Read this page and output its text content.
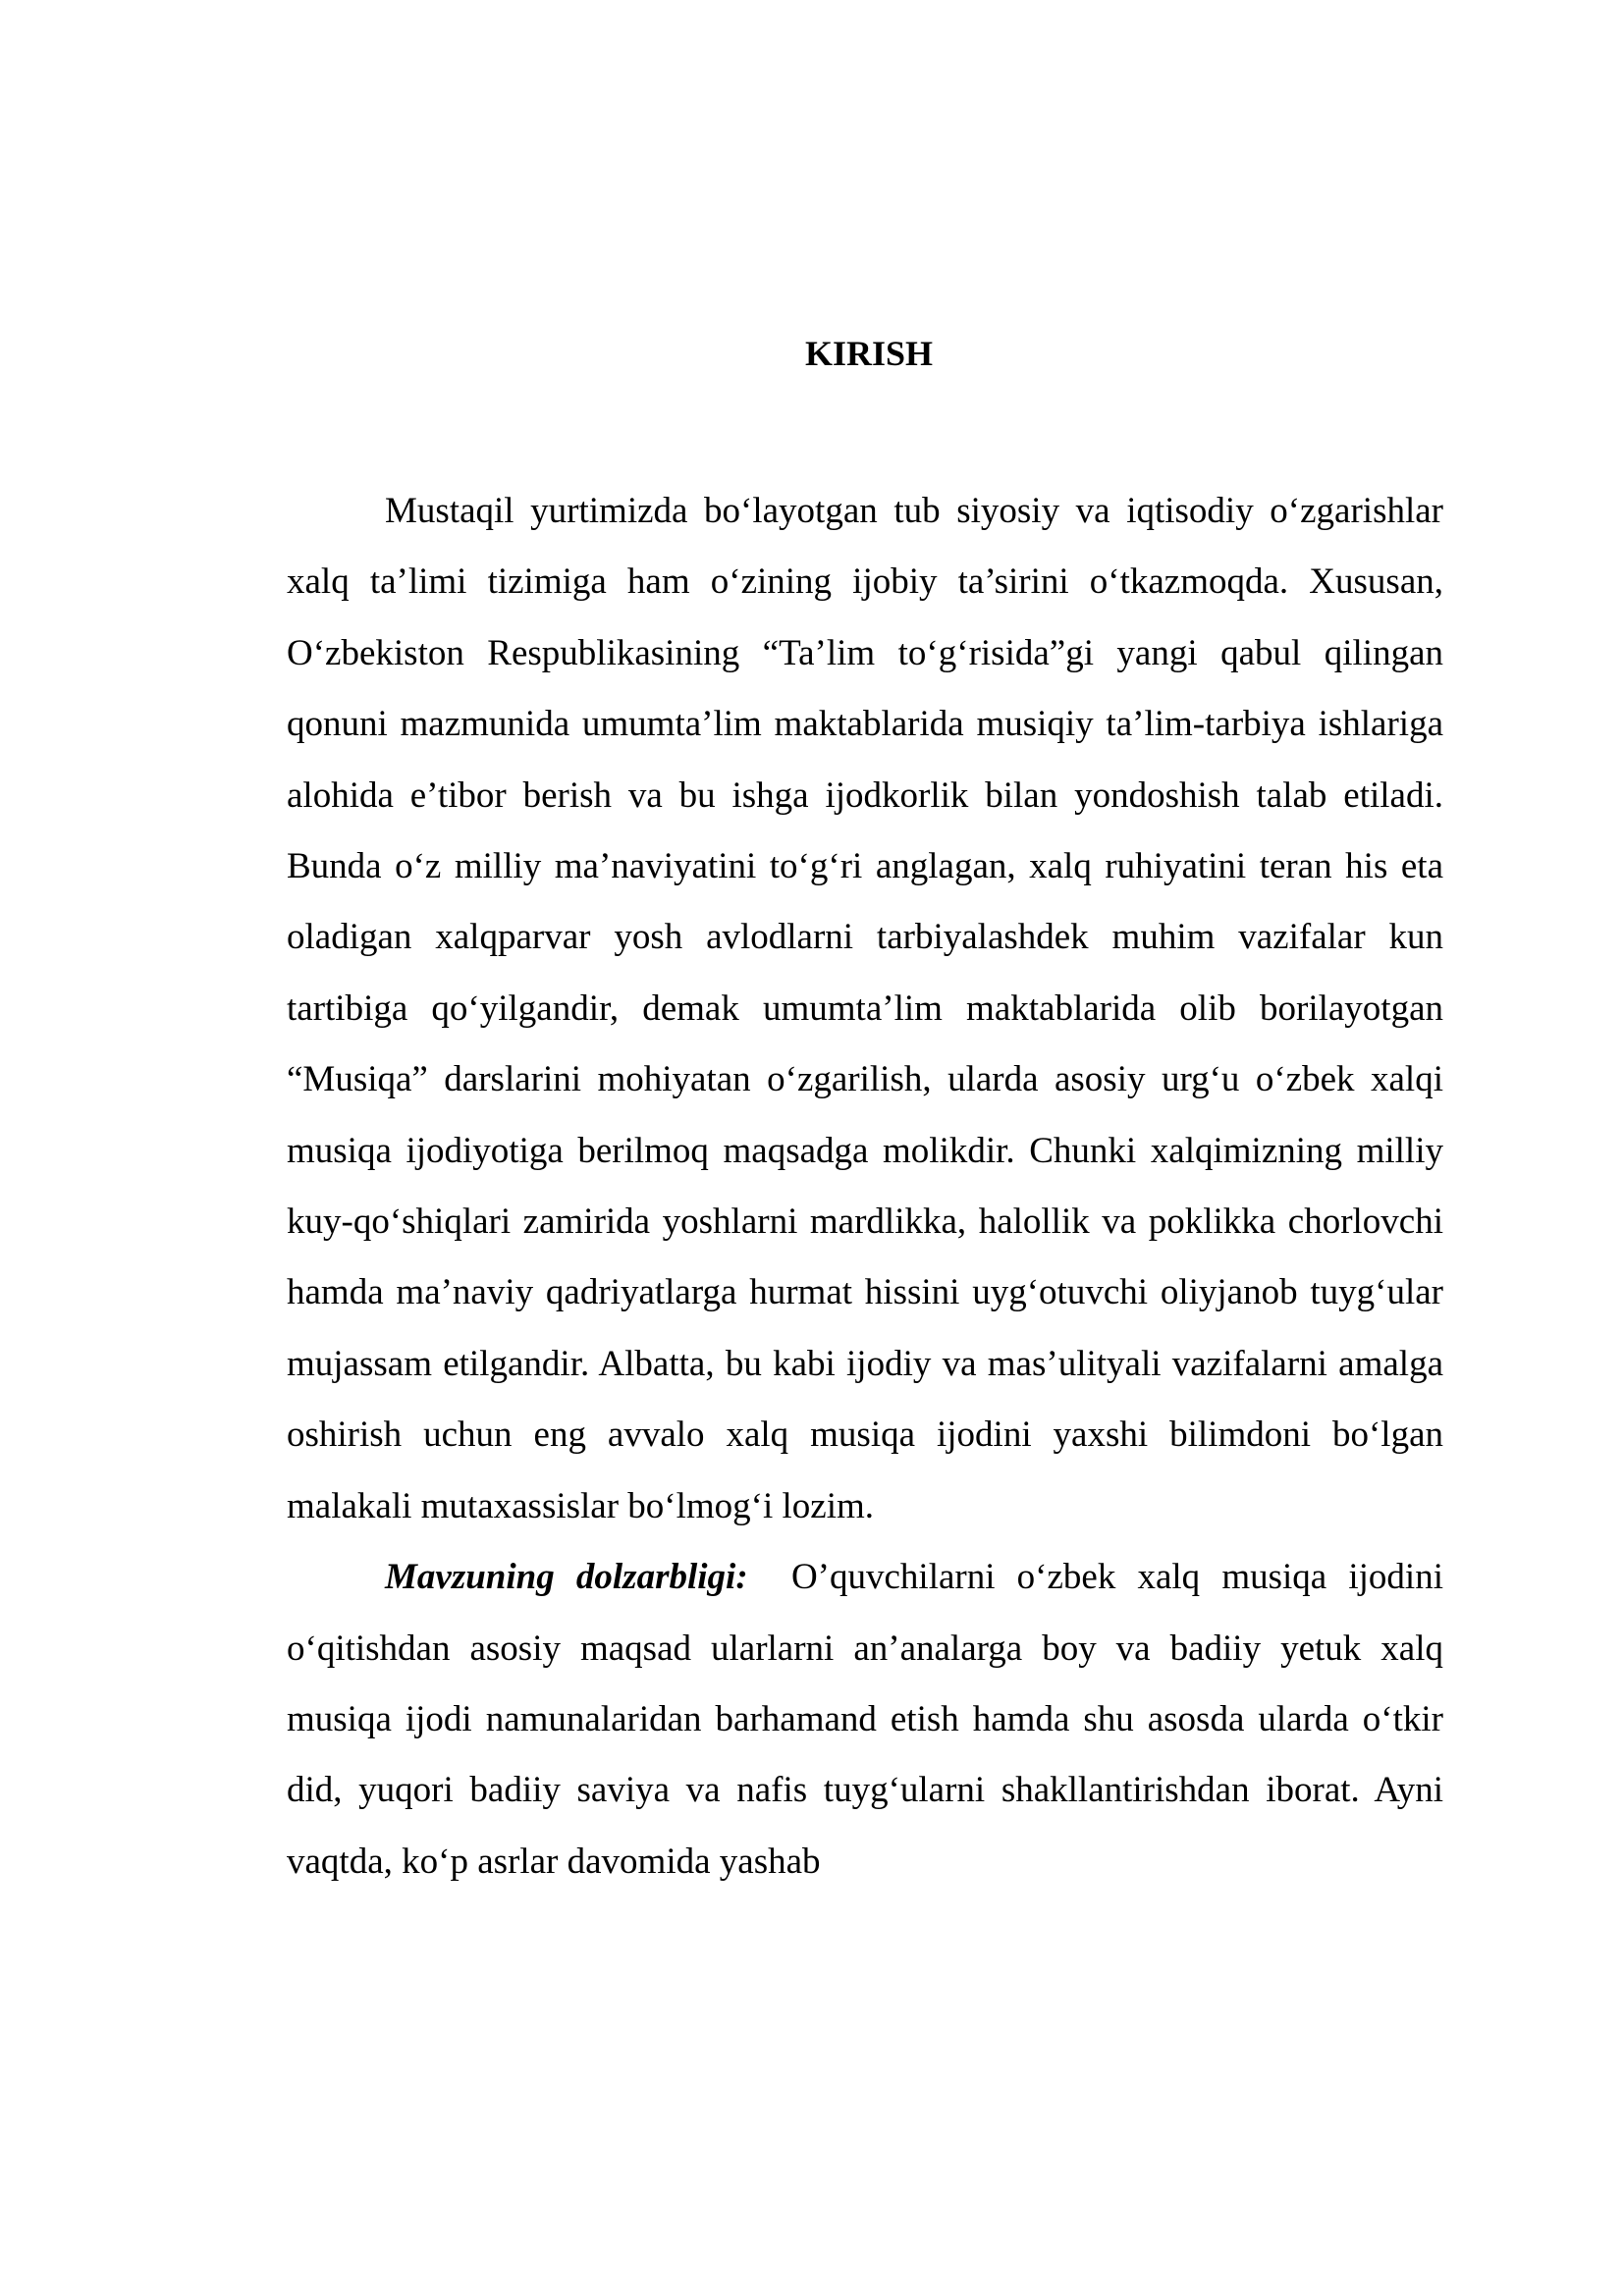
KIRISH

Mustaqil yurtimizda bo‘layotgan tub siyosiy va iqtisodiy o‘zgarishlar xalq ta’limi tizimiga ham o‘zining ijobiy ta’sirini o‘tkazmoqda. Xususan, O‘zbekiston Respublikasining “Ta’lim to‘g‘risida”gi yangi qabul qilingan qonuni mazmunida umumta’lim maktablarida musiqiy ta’lim-tarbiya ishlariga alohida e’tibor berish va bu ishga ijodkorlik bilan yondoshish talab etiladi. Bunda o‘z milliy ma’naviyatini to‘g‘ri anglagan, xalq ruhiyatini teran his eta oladigan xalqparvar yosh avlodlarni tarbiyalashdek muhim vazifalar kun tartibiga qo‘yilgandir, demak umumta’lim maktablarida olib borilayotgan “Musiqa” darslarini mohiyatan o‘zgarilish, ularda asosiy urg‘u o‘zbek xalqi musiqa ijodiyotiga berilmoq maqsadga molikdir. Chunki xalqimizning milliy kuy-qo‘shiqlari zamirida yoshlarni mardlikka, halollik va poklikka chorlovchi hamda ma’naviy qadriyatlarga hurmat hissini uyg‘otuvchi oliyjanob tuyg‘ular mujassam etilgandir. Albatta, bu kabi ijodiy va mas’ulityali vazifalarni amalga oshirish uchun eng avvalo xalq musiqa ijodini yaxshi bilimdoni bo‘lgan malakali mutaxassislar bo‘lmog‘i lozim.

Mavzuning dolzarbligi: O’quvchilarni o‘zbek xalq musiqa ijodini o‘qitishdan asosiy maqsad ularlarni an’analarga boy va badiiy yetuk xalq musiqa ijodi namunalaridan barhamand etish hamda shu asosda ularda o‘tkir did, yuqori badiiy saviya va nafis tuyg‘ularni shakllantirishdan iborat. Ayni vaqtda, ko‘p asrlar davomida yashab
